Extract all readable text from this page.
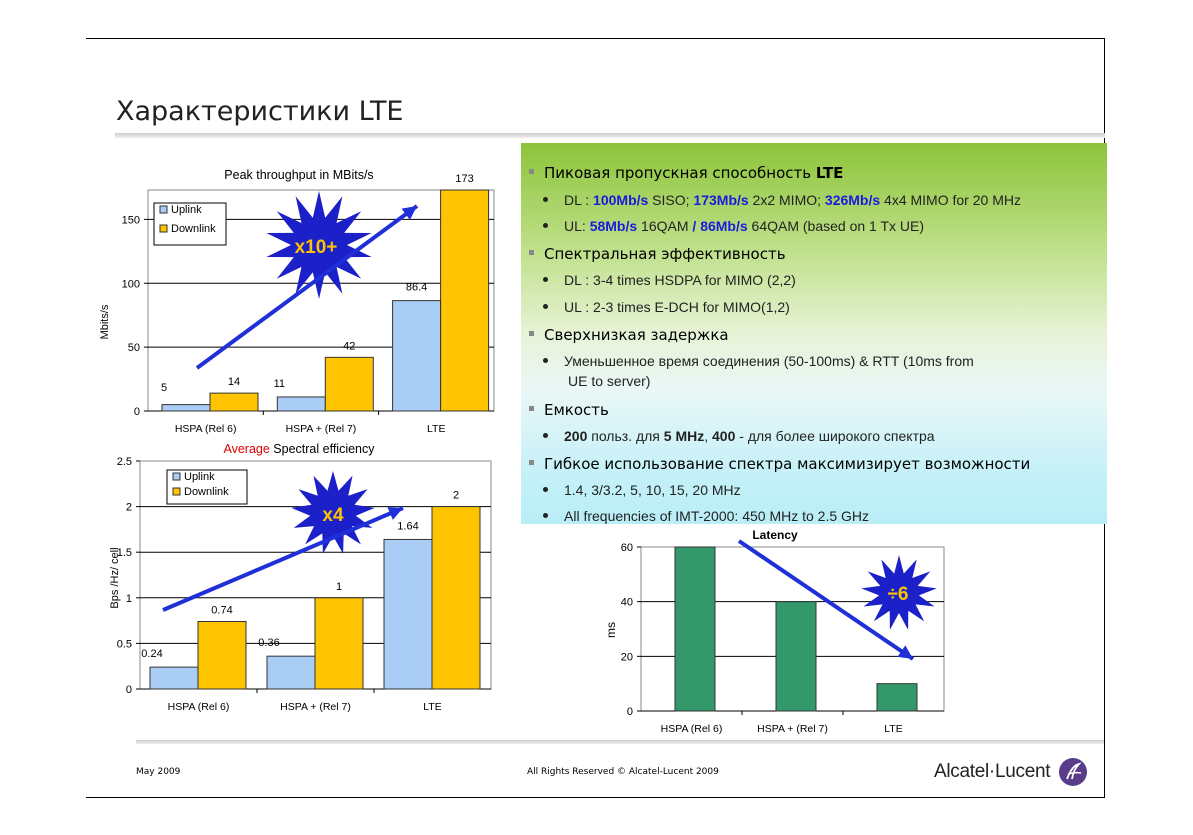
Характеристики LTE
Пиковая пропускная способность LTE
DL : 100Mb/s SISO; 173Mb/s 2x2 MIMO; 326Mb/s 4x4 MIMO for 20 MHz
UL: 58Mb/s 16QAM / 86Mb/s 64QAM (based on 1 Tx UE)
Спектральная эффективность
DL : 3-4 times HSDPA for MIMO (2,2)
UL : 2-3 times E-DCH for MIMO(1,2)
Сверхнизкая задержка
Уменьшенное время соединения (50-100ms) & RTT (10ms from
UE to server)
Емкость
200 польз. для 5 MHz, 400 - для более широкого спектра
Гибкое использование спектра максимизирует возможности
1.4, 3/3.2, 5, 10, 15, 20 MHz
All frequencies of IMT-2000: 450 MHz to 2.5 GHz
Peak throughput in MBits/s
Mbits/s
0
50
100
150
HSPA (Rel 6)
5	14
HSPA + (Rel 7)
11
42
LTE
86.4
173
Uplink
Downlink
x10+
Average Spectral efficiency
Bps /Hz/ cell
0
0.5
1
1.5
2
2.5
HSPA (Rel 6)
0.24
0.74
HSPA + (Rel 7)
0.36
1
LTE
1.64
2
Uplink
Downlink
x4
Latency
ms
0
20
40
60
HSPA (Rel 6)	HSPA + (Rel 7)	LTE
÷6
May 2009	All Rights Reserved © Alcatel-Lucent 2009	Alcatel·Lucent
